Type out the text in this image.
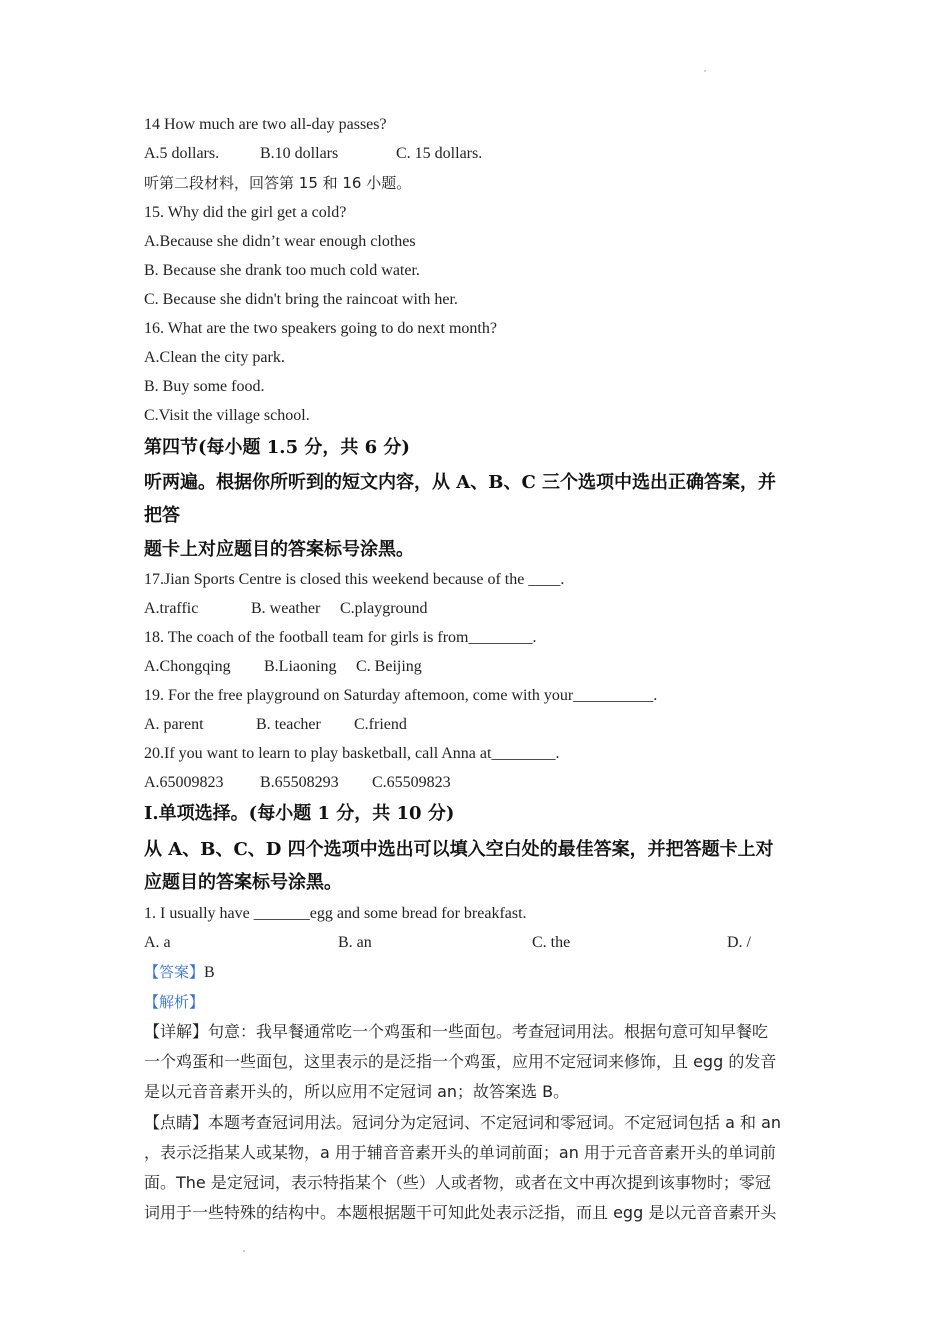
14 How much are two all-day passes?
A.5 dollars.	B.10 dollars	C. 15 dollars.
听第二段材料，回答第 15 和 16 小题。
15. Why did the girl get a cold?
A.Because she didn’t wear enough clothes
B. Because she drank too much cold water.
C. Because she didn't bring the raincoat with her.
16. What are the two speakers going to do next month?
A.Clean the city park.
B. Buy some food.
C.Visit the village school.
第四节(每小题 1.5 分，共 6 分)
听两遍。根据你所听到的短文内容，从 A、B、C 三个选项中选出正确答案，并
把答
题卡上对应题目的答案标号涂黑。
17.Jian Sports Centre is closed this weekend because of the ____.
A.traffic	B. weather C.playground
18. The coach of the football team for girls is from________.
A.Chongqing B.Liaoning C. Beijing
19. For the free playground on Saturday aftemoon, come with your__________.
A. parent	B. teacher C.friend
20.If you want to learn to play basketball, call Anna at________.
A.65009823 B.65508293 C.65509823
I.单项选择。(每小题 1 分，共 10 分)
从 A、B、C、D 四个选项中选出可以填入空白处的最佳答案，并把答题卡上对
应题目的答案标号涂黑。
1. I usually have _______egg and some bread for breakfast.
A. a	B. an	C. the	D. /
【答案】B
【解析】
【详解】句意：我早餐通常吃一个鸡蛋和一些面包。考查冠词用法。根据句意可知早餐吃
一个鸡蛋和一些面包，这里表示的是泛指一个鸡蛋，应用不定冠词来修饰，且 egg 的发音
是以元音音素开头的，所以应用不定冠词 an；故答案选 B。
【点睛】本题考查冠词用法。冠词分为定冠词、不定冠词和零冠词。不定冠词包括 a 和 an
，表示泛指某人或某物，a 用于辅音音素开头的单词前面；an 用于元音音素开头的单词前
面。The 是定冠词，表示特指某个（些）人或者物，或者在文中再次提到该事物时；零冠
词用于一些特殊的结构中。本题根据题干可知此处表示泛指，而且 egg 是以元音音素开头
